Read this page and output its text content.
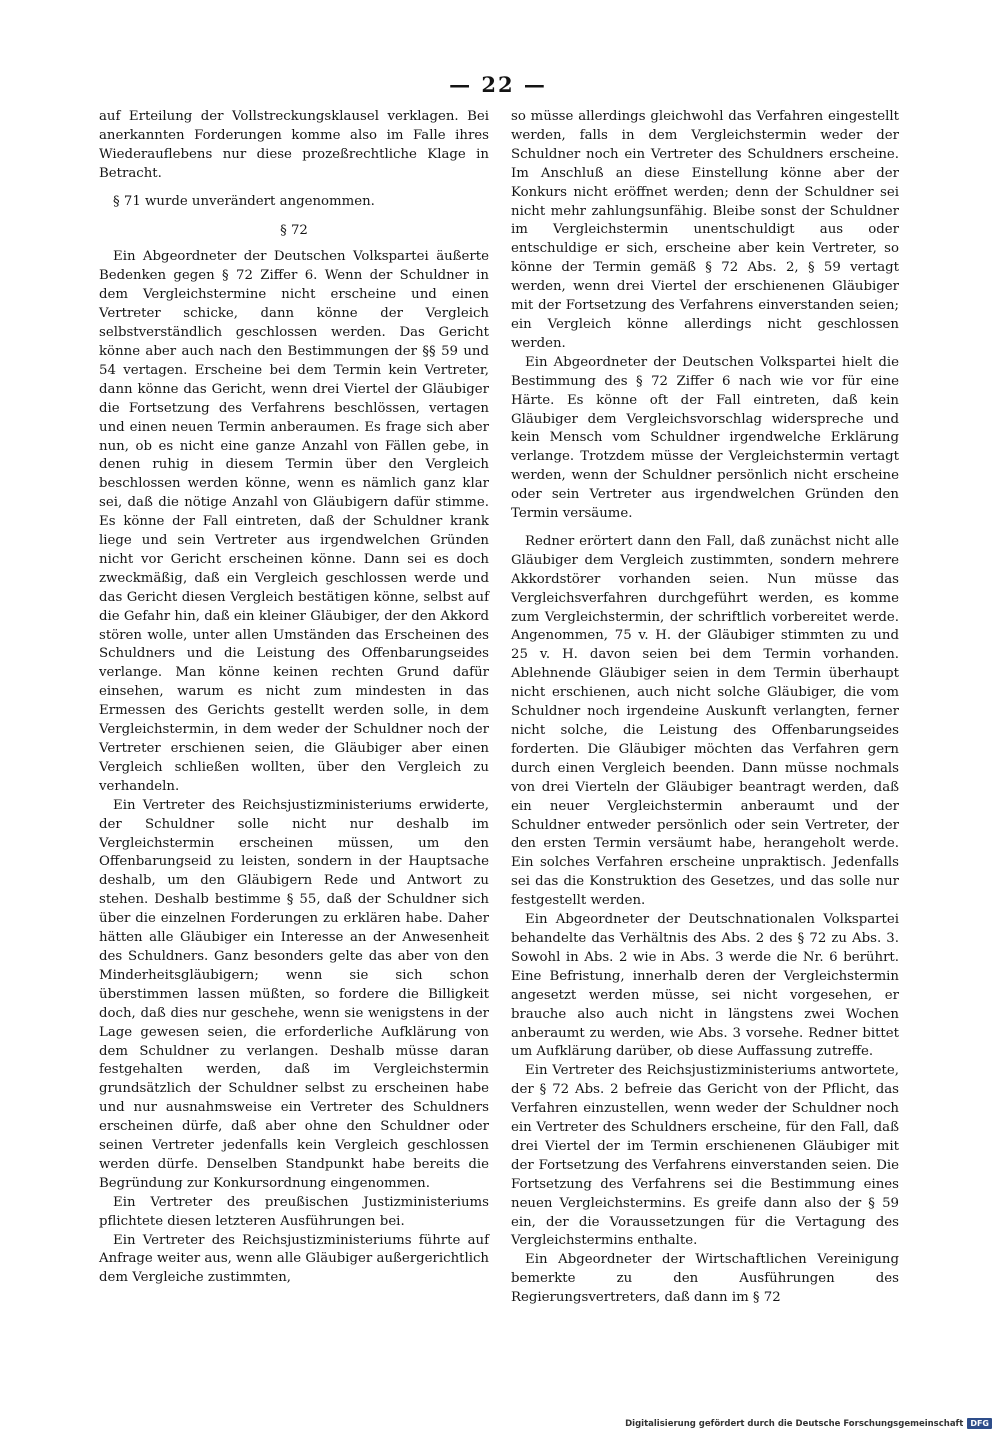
— 22 —

auf Erteilung der Vollstreckungsklausel verklagen. Bei anerkannten Forderungen komme also im Falle ihres Wiederauflebens nur diese prozeßrechtliche Klage in Betracht.

§ 71 wurde unverändert angenommen.

§ 72

Ein Abgeordneter der Deutschen Volkspartei äußerte Bedenken gegen § 72 Ziffer 6. Wenn der Schuldner in dem Vergleichstermine nicht erscheine und einen Vertreter schicke, dann könne der Vergleich selbstverständlich geschlossen werden. Das Gericht könne aber auch nach den Bestimmungen der §§ 59 und 54 vertagen. Erscheine bei dem Termin kein Vertreter, dann könne das Gericht, wenn drei Viertel der Gläubiger die Fortsetzung des Verfahrens beschlössen, vertagen und einen neuen Termin anberaumen. Es frage sich aber nun, ob es nicht eine ganze Anzahl von Fällen gebe, in denen ruhig in diesem Termin über den Vergleich beschlossen werden könne, wenn es nämlich ganz klar sei, daß die nötige Anzahl von Gläubigern dafür stimme. Es könne der Fall eintreten, daß der Schuldner krank liege und sein Vertreter aus irgendwelchen Gründen nicht vor Gericht erscheinen könne. Dann sei es doch zweckmäßig, daß ein Vergleich geschlossen werde und das Gericht diesen Vergleich bestätigen könne, selbst auf die Gefahr hin, daß ein kleiner Gläubiger, der den Akkord stören wolle, unter allen Umständen das Erscheinen des Schuldners und die Leistung des Offenbarungseides verlange. Man könne keinen rechten Grund dafür einsehen, warum es nicht zum mindesten in das Ermessen des Gerichts gestellt werden solle, in dem Vergleichstermin, in dem weder der Schuldner noch der Vertreter erschienen seien, die Gläubiger aber einen Vergleich schließen wollten, über den Vergleich zu verhandeln.

Ein Vertreter des Reichsjustizministeriums erwiderte, der Schuldner solle nicht nur deshalb im Vergleichstermin erscheinen müssen, um den Offenbarungseid zu leisten, sondern in der Hauptsache deshalb, um den Gläubigern Rede und Antwort zu stehen. Deshalb bestimme § 55, daß der Schuldner sich über die einzelnen Forderungen zu erklären habe. Daher hätten alle Gläubiger ein Interesse an der Anwesenheit des Schuldners. Ganz besonders gelte das aber von den Minderheitsgläubigern; wenn sie sich schon überstimmen lassen müßten, so fordere die Billigkeit doch, daß dies nur geschehe, wenn sie wenigstens in der Lage gewesen seien, die erforderliche Aufklärung von dem Schuldner zu verlangen. Deshalb müsse daran festgehalten werden, daß im Vergleichstermin grundsätzlich der Schuldner selbst zu erscheinen habe und nur ausnahmsweise ein Vertreter des Schuldners erscheinen dürfe, daß aber ohne den Schuldner oder seinen Vertreter jedenfalls kein Vergleich geschlossen werden dürfe. Denselben Standpunkt habe bereits die Begründung zur Konkursordnung eingenommen.

Ein Vertreter des preußischen Justizministeriums pflichtete diesen letzteren Ausführungen bei.

Ein Vertreter des Reichsjustizministeriums führte auf Anfrage weiter aus, wenn alle Gläubiger außergerichtlich dem Vergleiche zustimmten,

so müsse allerdings gleichwohl das Verfahren eingestellt werden, falls in dem Vergleichstermin weder der Schuldner noch ein Vertreter des Schuldners erscheine. Im Anschluß an diese Einstellung könne aber der Konkurs nicht eröffnet werden; denn der Schuldner sei nicht mehr zahlungsunfähig. Bleibe sonst der Schuldner im Vergleichstermin unentschuldigt aus oder entschuldige er sich, erscheine aber kein Vertreter, so könne der Termin gemäß § 72 Abs. 2, § 59 vertagt werden, wenn drei Viertel der erschienenen Gläubiger mit der Fortsetzung des Verfahrens einverstanden seien; ein Vergleich könne allerdings nicht geschlossen werden.

Ein Abgeordneter der Deutschen Volkspartei hielt die Bestimmung des § 72 Ziffer 6 nach wie vor für eine Härte. Es könne oft der Fall eintreten, daß kein Gläubiger dem Vergleichsvorschlag widerspreche und kein Mensch vom Schuldner irgendwelche Erklärung verlange. Trotzdem müsse der Vergleichstermin vertagt werden, wenn der Schuldner persönlich nicht erscheine oder sein Vertreter aus irgendwelchen Gründen den Termin versäume.

Redner erörtert dann den Fall, daß zunächst nicht alle Gläubiger dem Vergleich zustimmten, sondern mehrere Akkordstörer vorhanden seien. Nun müsse das Vergleichsverfahren durchgeführt werden, es komme zum Vergleichstermin, der schriftlich vorbereitet werde. Angenommen, 75 v. H. der Gläubiger stimmten zu und 25 v. H. davon seien bei dem Termin vorhanden. Ablehnende Gläubiger seien in dem Termin überhaupt nicht erschienen, auch nicht solche Gläubiger, die vom Schuldner noch irgendeine Auskunft verlangten, ferner nicht solche, die Leistung des Offenbarungseides forderten. Die Gläubiger möchten das Verfahren gern durch einen Vergleich beenden. Dann müsse nochmals von drei Vierteln der Gläubiger beantragt werden, daß ein neuer Vergleichstermin anberaumt und der Schuldner entweder persönlich oder sein Vertreter, der den ersten Termin versäumt habe, herangeholt werde. Ein solches Verfahren erscheine unpraktisch. Jedenfalls sei das die Konstruktion des Gesetzes, und das solle nur festgestellt werden.

Ein Abgeordneter der Deutschnationalen Volkspartei behandelte das Verhältnis des Abs. 2 des § 72 zu Abs. 3. Sowohl in Abs. 2 wie in Abs. 3 werde die Nr. 6 berührt. Eine Befristung, innerhalb deren der Vergleichstermin angesetzt werden müsse, sei nicht vorgesehen, er brauche also auch nicht in längstens zwei Wochen anberaumt zu werden, wie Abs. 3 vorsehe. Redner bittet um Aufklärung darüber, ob diese Auffassung zutreffe.

Ein Vertreter des Reichsjustizministeriums antwortete, der § 72 Abs. 2 befreie das Gericht von der Pflicht, das Verfahren einzustellen, wenn weder der Schuldner noch ein Vertreter des Schuldners erscheine, für den Fall, daß drei Viertel der im Termin erschienenen Gläubiger mit der Fortsetzung des Verfahrens einverstanden seien. Die Fortsetzung des Verfahrens sei die Bestimmung eines neuen Vergleichstermins. Es greife dann also der § 59 ein, der die Voraussetzungen für die Vertagung des Vergleichstermins enthalte.

Ein Abgeordneter der Wirtschaftlichen Vereinigung bemerkte zu den Ausführungen des Regierungsvertreters, daß dann im § 72

Digitalisierung gefördert durch die Deutsche Forschungsgemeinschaft DFG
